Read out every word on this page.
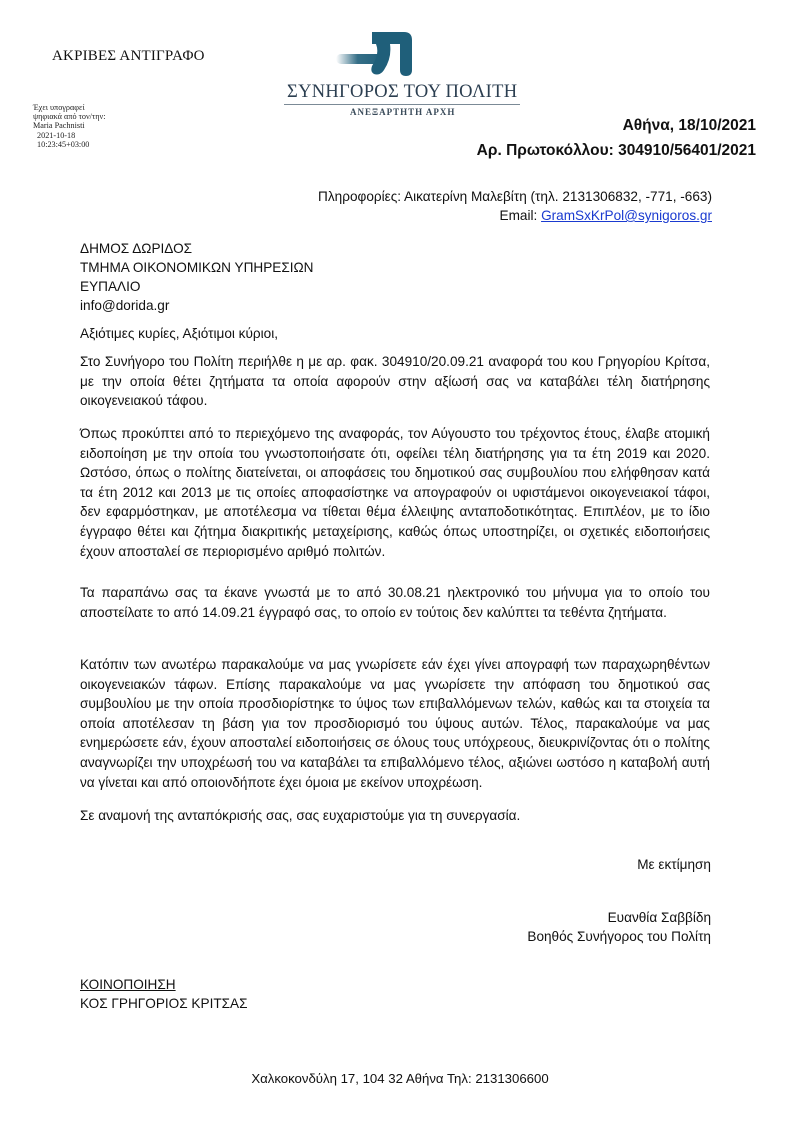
ΑΚΡΙΒΕΣ ΑΝΤΙΓΡΑΦΟ
Έχει υπογραφεί
ψηφιακά από τον/την:
Maria Pachnisti
2021-10-18
10:23:45+03:00
ΣΥΝΗΓΟΡΟΣ ΤΟΥ ΠΟΛΙΤΗ
ΑΝΕΞΑΡΤΗΤΗ ΑΡΧΗ
Αθήνα, 18/10/2021
Αρ. Πρωτοκόλλου: 304910/56401/2021
Πληροφορίες: Αικατερίνη Μαλεβίτη (τηλ. 2131306832, -771, -663)
Email: GramSxKrPol@synigoros.gr
ΔΗΜΟΣ ΔΩΡΙΔΟΣ
ΤΜΗΜΑ ΟΙΚΟΝΟΜΙΚΩΝ ΥΠΗΡΕΣΙΩΝ
ΕΥΠΑΛΙΟ
info@dorida.gr
Αξιότιμες κυρίες, Αξιότιμοι κύριοι,
Στο Συνήγορο του Πολίτη περιήλθε η με αρ. φακ. 304910/20.09.21 αναφορά του κου Γρηγορίου Κρίτσα, με την οποία θέτει ζητήματα τα οποία αφορούν στην αξίωσή σας να καταβάλει τέλη διατήρησης οικογενειακού τάφου.
Όπως προκύπτει από το περιεχόμενο της αναφοράς, τον Αύγουστο του τρέχοντος έτους, έλαβε ατομική ειδοποίηση με την οποία του γνωστοποιήσατε ότι, οφείλει τέλη διατήρησης για τα έτη 2019 και 2020. Ωστόσο, όπως ο πολίτης διατείνεται, οι αποφάσεις του δημοτικού σας συμβουλίου που ελήφθησαν κατά τα έτη 2012 και 2013 με τις οποίες αποφασίστηκε να απογραφούν οι υφιστάμενοι οικογενειακοί τάφοι, δεν εφαρμόστηκαν, με αποτέλεσμα να τίθεται θέμα έλλειψης ανταποδοτικότητας. Επιπλέον, με το ίδιο έγγραφο θέτει και ζήτημα διακριτικής μεταχείρισης, καθώς όπως υποστηρίζει, οι σχετικές ειδοποιήσεις έχουν αποσταλεί σε περιορισμένο αριθμό πολιτών.
Τα παραπάνω σας τα έκανε γνωστά με το από 30.08.21 ηλεκτρονικό του μήνυμα για το οποίο του αποστείλατε το από 14.09.21 έγγραφό σας, το οποίο εν τούτοις δεν καλύπτει τα τεθέντα ζητήματα.
Κατόπιν των ανωτέρω παρακαλούμε να μας γνωρίσετε εάν έχει γίνει απογραφή των παραχωρηθέντων οικογενειακών τάφων. Επίσης παρακαλούμε να μας γνωρίσετε την απόφαση του δημοτικού σας συμβουλίου με την οποία προσδιορίστηκε το ύψος των επιβαλλόμενων τελών, καθώς και τα στοιχεία τα οποία αποτέλεσαν τη βάση για τον προσδιορισμό του ύψους αυτών. Τέλος, παρακαλούμε να μας ενημερώσετε εάν, έχουν αποσταλεί ειδοποιήσεις σε όλους τους υπόχρεους, διευκρινίζοντας ότι ο πολίτης αναγνωρίζει την υποχρέωσή του να καταβάλει τα επιβαλλόμενο τέλος, αξιώνει ωστόσο η καταβολή αυτή να γίνεται και από οποιονδήποτε έχει όμοια με εκείνον υποχρέωση.
Σε αναμονή της ανταπόκρισής σας, σας ευχαριστούμε για τη συνεργασία.
Με εκτίμηση
Ευανθία Σαββίδη
Βοηθός Συνήγορος του Πολίτη
ΚΟΙΝΟΠΟΙΗΣΗ
ΚΟΣ ΓΡΗΓΟΡΙΟΣ ΚΡΙΤΣΑΣ
Χαλκοκονδύλη 17, 104 32 Αθήνα Τηλ: 2131306600
